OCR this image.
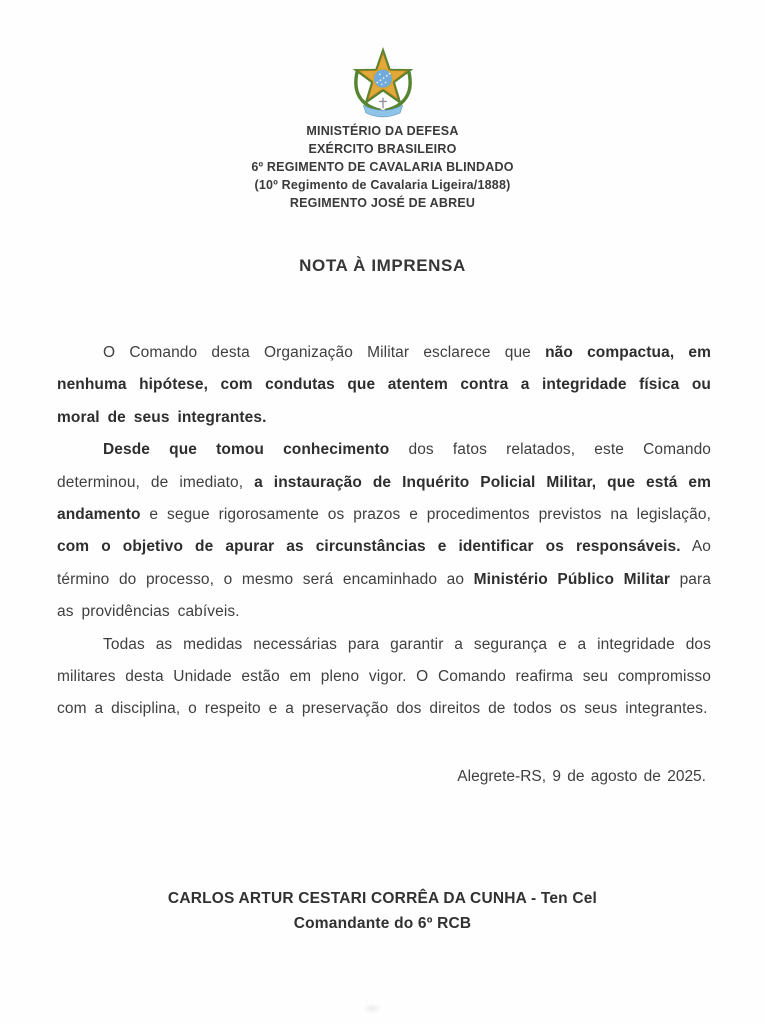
MINISTÉRIO DA DEFESA
EXÉRCITO BRASILEIRO
6º REGIMENTO DE CAVALARIA BLINDADO
(10º Regimento de Cavalaria Ligeira/1888)
REGIMENTO JOSÉ DE ABREU
NOTA À IMPRENSA

O Comando desta Organização Militar esclarece que não compactua, em nenhuma hipótese, com condutas que atentem contra a integridade física ou moral de seus integrantes.

Desde que tomou conhecimento dos fatos relatados, este Comando determinou, de imediato, a instauração de Inquérito Policial Militar, que está em andamento e segue rigorosamente os prazos e procedimentos previstos na legislação, com o objetivo de apurar as circunstâncias e identificar os responsáveis. Ao término do processo, o mesmo será encaminhado ao Ministério Público Militar para as providências cabíveis.

Todas as medidas necessárias para garantir a segurança e a integridade dos militares desta Unidade estão em pleno vigor. O Comando reafirma seu compromisso com a disciplina, o respeito e a preservação dos direitos de todos os seus integrantes.

Alegrete-RS, 9 de agosto de 2025.
CARLOS ARTUR CESTARI CORRÊA DA CUNHA - Ten Cel
Comandante do 6º RCB
